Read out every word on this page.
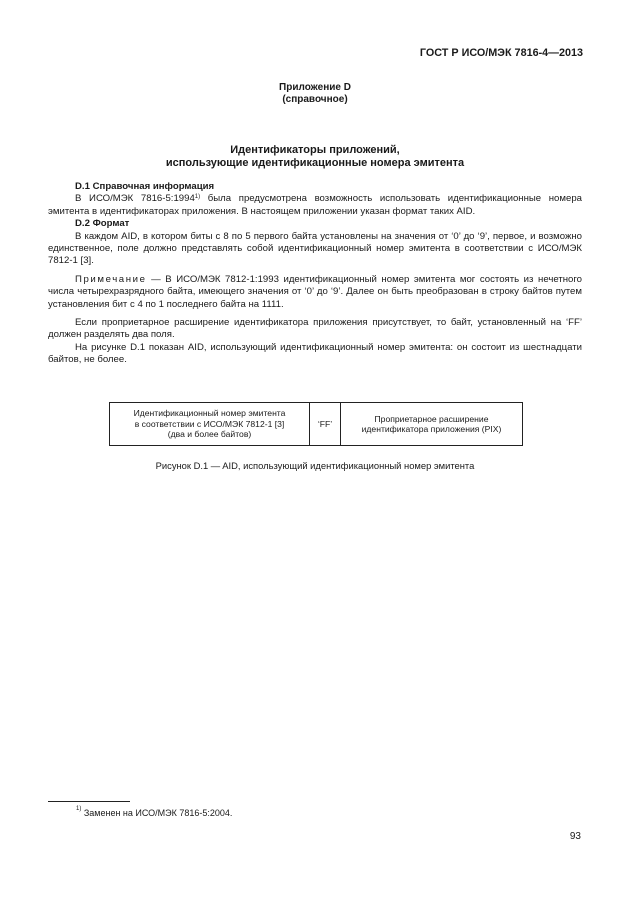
ГОСТ Р ИСО/МЭК 7816-4—2013
Приложение D
(справочное)
Идентификаторы приложений,
использующие идентификационные номера эмитента

D.1 Справочная информация

В ИСО/МЭК 7816-5:1994$^{1)}$ была предусмотрена возможность использовать идентификационные номера эмитента в идентификаторах приложения. В настоящем приложении указан формат таких AID.

D.2 Формат

В каждом AID, в котором биты с 8 по 5 первого байта установлены на значения от ‘0’ до ‘9’, первое, и возможно единственное, поле должно представлять собой идентификационный номер эмитента в соответствии с ИСО/МЭК 7812-1 [3].

Примечание — В ИСО/МЭК 7812-1:1993 идентификационный номер эмитента мог состоять из нечетного числа четырехразрядного байта, имеющего значения от ‘0’ до ‘9’. Далее он быть преобразован в строку байтов путем установления бит с 4 по 1 последнего байта на 1111.

Если проприетарное расширение идентификатора приложения присутствует, то байт, установленный на ‘FF’ должен разделять два поля.

На рисунке D.1 показан AID, использующий идентификационный номер эмитента: он состоит из шестнадцати байтов, не более.

Идентификационный номер эмитента
в соответствии с ИСО/МЭК 7812-1 [3]
(два и более байтов)
‘FF’
Проприетарное расширение
идентификатора приложения (PIX)
Рисунок D.1 — AID, использующий идентификационный номер эмитента
$^{1)}$ Заменен на ИСО/МЭК 7816-5:2004.
93
